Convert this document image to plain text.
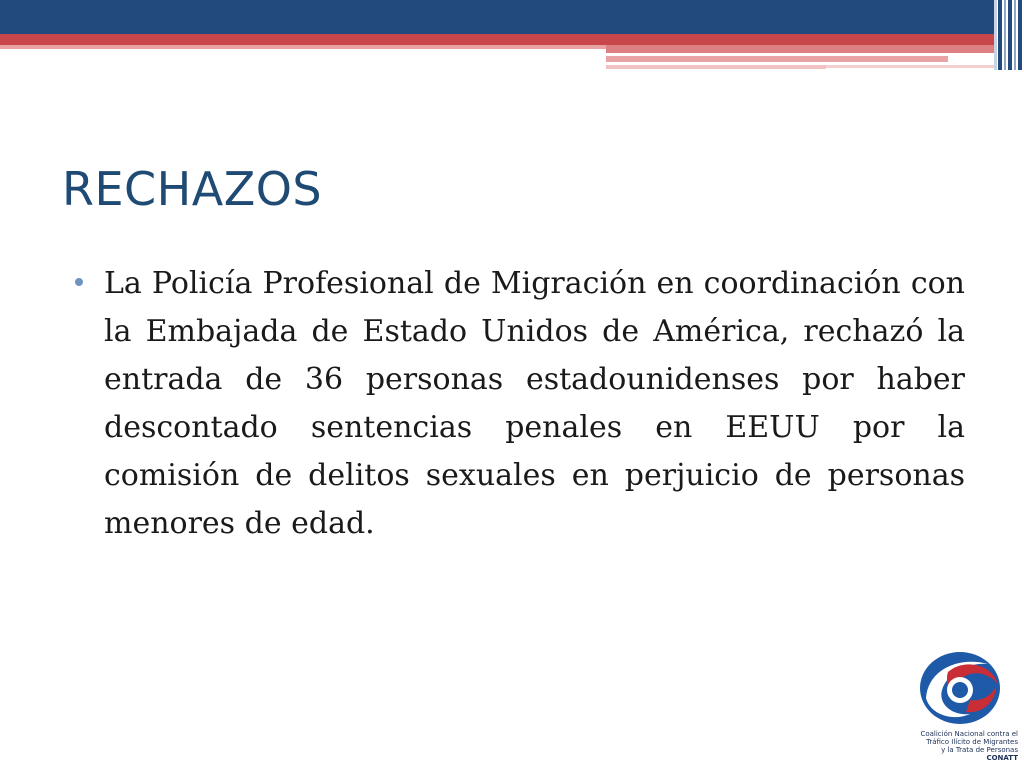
RECHAZOS
La Policía Profesional de Migración en coordinación con la Embajada de Estado Unidos de América, rechazó la entrada de 36 personas estadounidenses por haber descontado sentencias penales en EEUU por la comisión de delitos sexuales en perjuicio de personas menores de edad.
Coalición Nacional contra el
Tráfico Ilícito de Migrantes
y la Trata de Personas
CONATT
